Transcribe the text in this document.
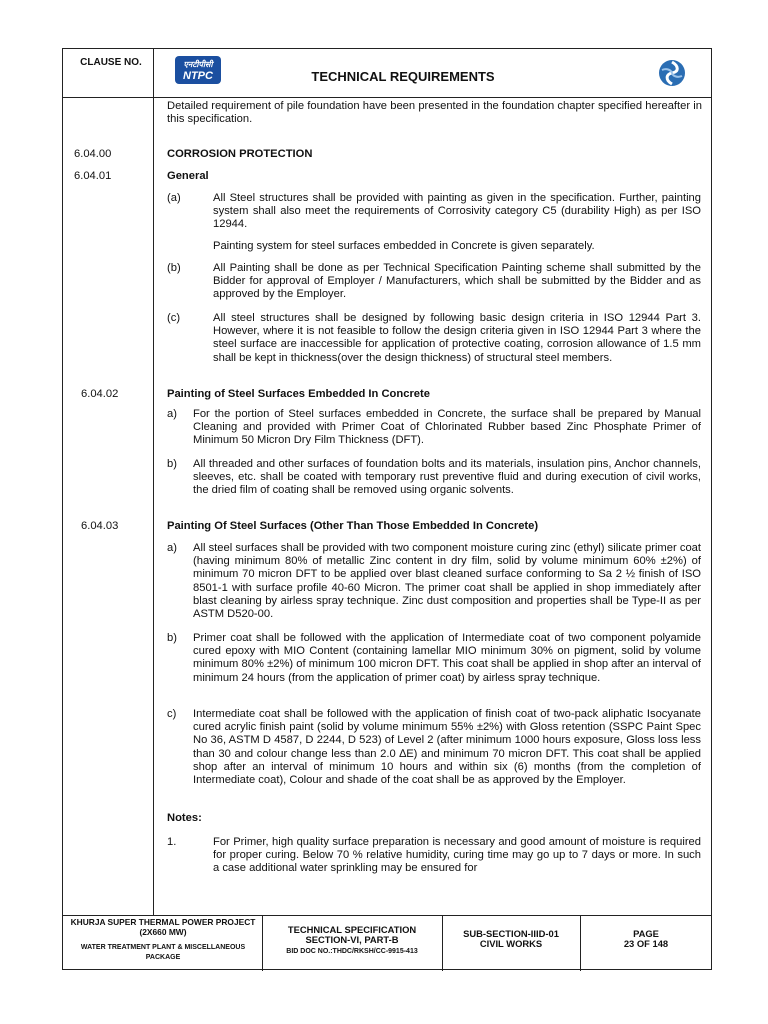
CLAUSE NO.	एनटीपीसी
NTPC	TECHNICAL REQUIREMENTS
KHURJA SUPER THERMAL POWER PROJECT
(2X660 MW)
WATER TREATMENT PLANT & MISCELLANEOUS PACKAGE
TECHNICAL SPECIFICATION
SECTION-VI, PART-B
BID DOC NO.:THDC/RKSH/CC-9915-413
SUB-SECTION-IIID-01
CIVIL WORKS
PAGE
23 OF 148

Detailed requirement of pile foundation have been presented in the foundation chapter specified hereafter in this specification.

6.04.00	CORROSION PROTECTION
6.04.01	General
(a)	All Steel structures shall be provided with painting as given in the specification. Further, painting system shall also meet the requirements of Corrosivity category C5 (durability High) as per ISO 12944.

Painting system for steel surfaces embedded in Concrete is given separately.

(b)	All Painting shall be done as per Technical Specification Painting scheme shall submitted by the Bidder for approval of Employer / Manufacturers, which shall be submitted by the Bidder and as approved by the Employer.

(c)	All steel structures shall be designed by following basic design criteria in ISO 12944 Part 3. However, where it is not feasible to follow the design criteria given in ISO 12944 Part 3 where the steel surface are inaccessible for application of protective coating, corrosion allowance of 1.5 mm shall be kept in thickness(over the design thickness) of structural steel members.

6.04.02	Painting of Steel Surfaces Embedded In Concrete
a) For the portion of Steel surfaces embedded in Concrete, the surface shall be prepared by Manual Cleaning and provided with Primer Coat of Chlorinated Rubber based Zinc Phosphate Primer of Minimum 50 Micron Dry Film Thickness (DFT).

b) All threaded and other surfaces of foundation bolts and its materials, insulation pins, Anchor channels, sleeves, etc. shall be coated with temporary rust preventive fluid and during execution of civil works, the dried film of coating shall be removed using organic solvents.

6.04.03	Painting Of Steel Surfaces (Other Than Those Embedded In Concrete)
a) All steel surfaces shall be provided with two component moisture curing zinc (ethyl) silicate primer coat (having minimum 80% of metallic Zinc content in dry film, solid by volume minimum 60% ±2%) of minimum 70 micron DFT to be applied over blast cleaned surface conforming to Sa 2 ½ finish of ISO 8501-1 with surface profile 40-60 Micron. The primer coat shall be applied in shop immediately after blast cleaning by airless spray technique. Zinc dust composition and properties shall be Type-II as per ASTM D520-00.

b) Primer coat shall be followed with the application of Intermediate coat of two component polyamide cured epoxy with MIO Content (containing lamellar MIO minimum 30% on pigment, solid by volume minimum 80% ±2%) of minimum 100 micron DFT. This coat shall be applied in shop after an interval of minimum 24 hours (from the application of primer coat) by airless spray technique.

c) Intermediate coat shall be followed with the application of finish coat of two-pack aliphatic Isocyanate cured acrylic finish paint (solid by volume minimum 55% ±2%) with Gloss retention (SSPC Paint Spec No 36, ASTM D 4587, D 2244, D 523) of Level 2 (after minimum 1000 hours exposure, Gloss loss less than 30 and colour change less than 2.0 ∆E) and minimum 70 micron DFT. This coat shall be applied shop after an interval of minimum 10 hours and within six (6) months (from the completion of Intermediate coat), Colour and shade of the coat shall be as approved by the Employer.

Notes:
1.	For Primer, high quality surface preparation is necessary and good amount of moisture is required for proper curing. Below 70 % relative humidity, curing time may go up to 7 days or more. In such a case additional water sprinkling may be ensured for
